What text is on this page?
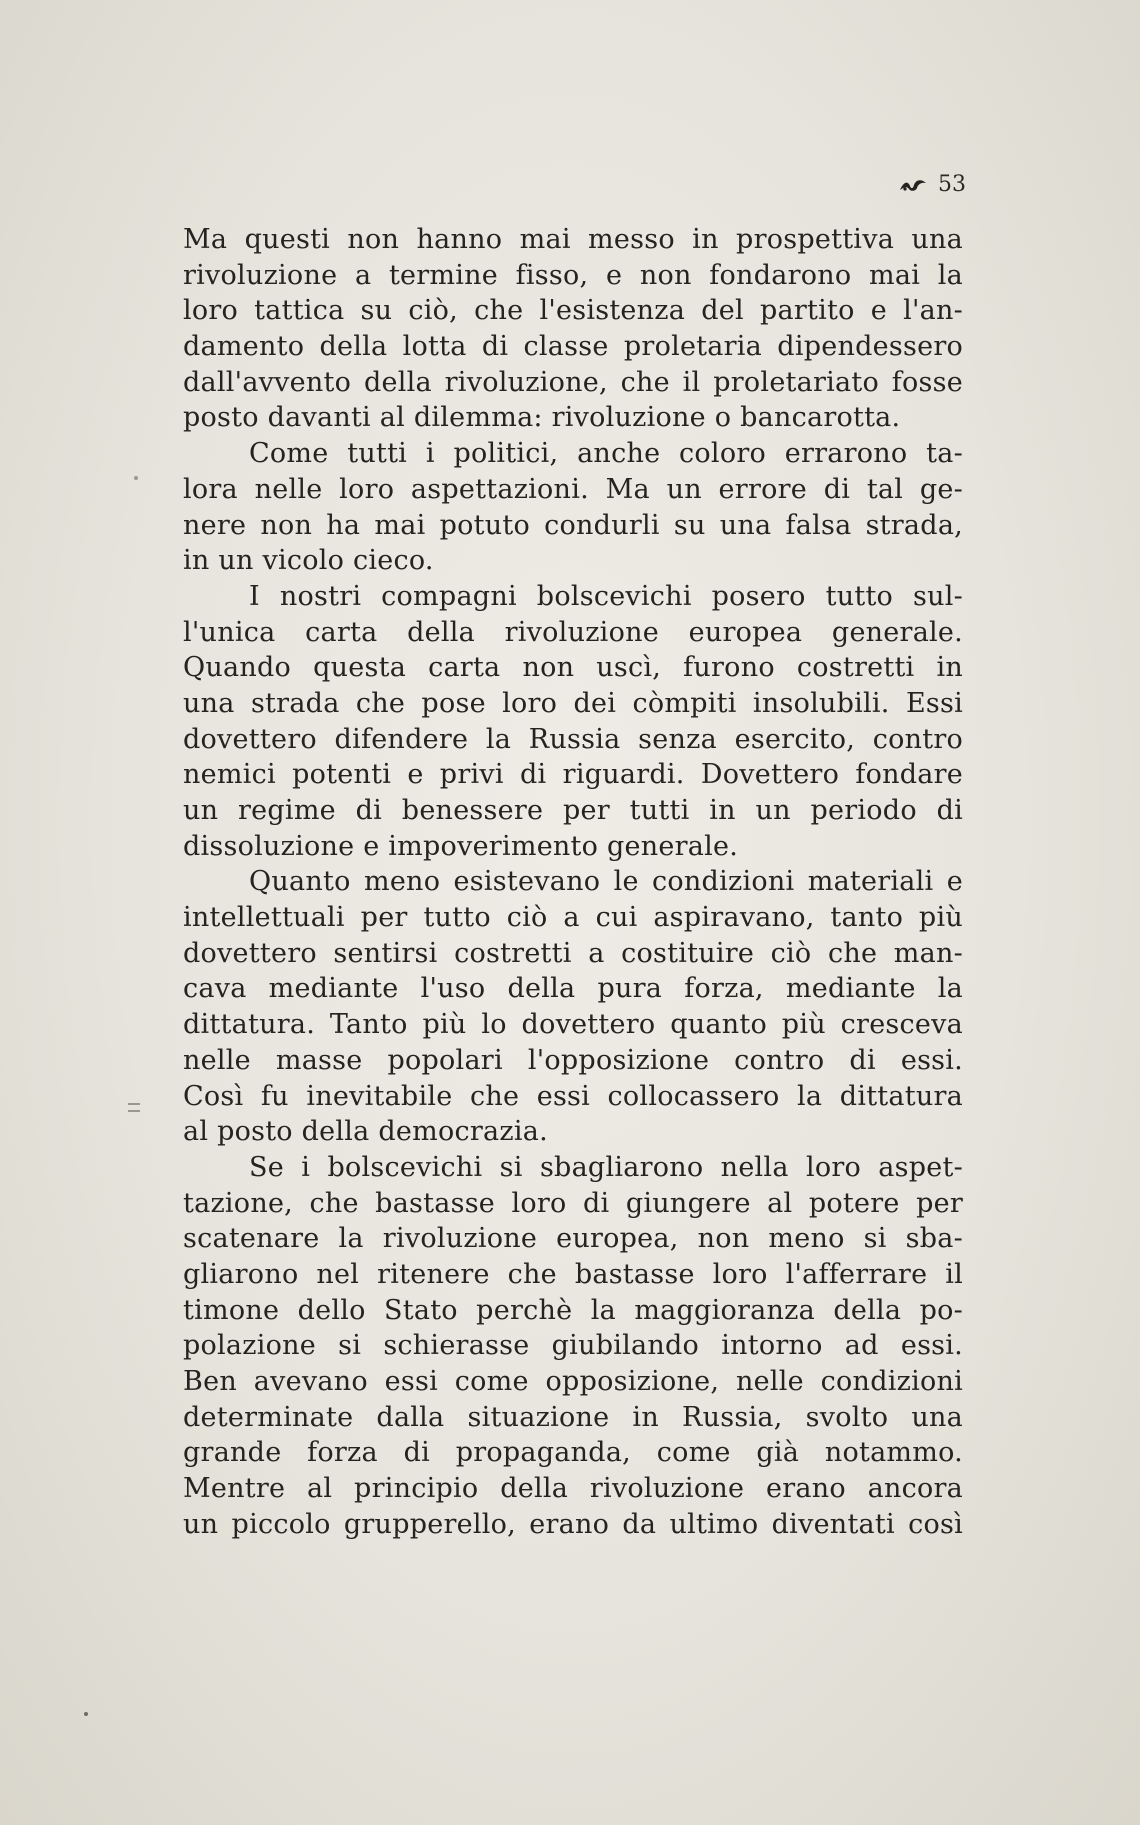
53
Ma questi non hanno mai messo in prospettiva una
rivoluzione a termine fisso, e non fondarono mai la
loro tattica su ciò, che l'esistenza del partito e l'an-
damento della lotta di classe proletaria dipendessero
dall'avvento della rivoluzione, che il proletariato fosse
posto davanti al dilemma: rivoluzione o bancarotta.
Come tutti i politici, anche coloro errarono ta-
lora nelle loro aspettazioni. Ma un errore di tal ge-
nere non ha mai potuto condurli su una falsa strada,
in un vicolo cieco.
I nostri compagni bolscevichi posero tutto sul-
l'unica carta della rivoluzione europea generale.
Quando questa carta non uscì, furono costretti in
una strada che pose loro dei còmpiti insolubili. Essi
dovettero difendere la Russia senza esercito, contro
nemici potenti e privi di riguardi. Dovettero fondare
un regime di benessere per tutti in un periodo di
dissoluzione e impoverimento generale.
Quanto meno esistevano le condizioni materiali e
intellettuali per tutto ciò a cui aspiravano, tanto più
dovettero sentirsi costretti a costituire ciò che man-
cava mediante l'uso della pura forza, mediante la
dittatura. Tanto più lo dovettero quanto più cresceva
nelle masse popolari l'opposizione contro di essi.
Così fu inevitabile che essi collocassero la dittatura
al posto della democrazia.
Se i bolscevichi si sbagliarono nella loro aspet-
tazione, che bastasse loro di giungere al potere per
scatenare la rivoluzione europea, non meno si sba-
gliarono nel ritenere che bastasse loro l'afferrare il
timone dello Stato perchè la maggioranza della po-
polazione si schierasse giubilando intorno ad essi.
Ben avevano essi come opposizione, nelle condizioni
determinate dalla situazione in Russia, svolto una
grande forza di propaganda, come già notammo.
Mentre al principio della rivoluzione erano ancora
un piccolo grupperello, erano da ultimo diventati così
